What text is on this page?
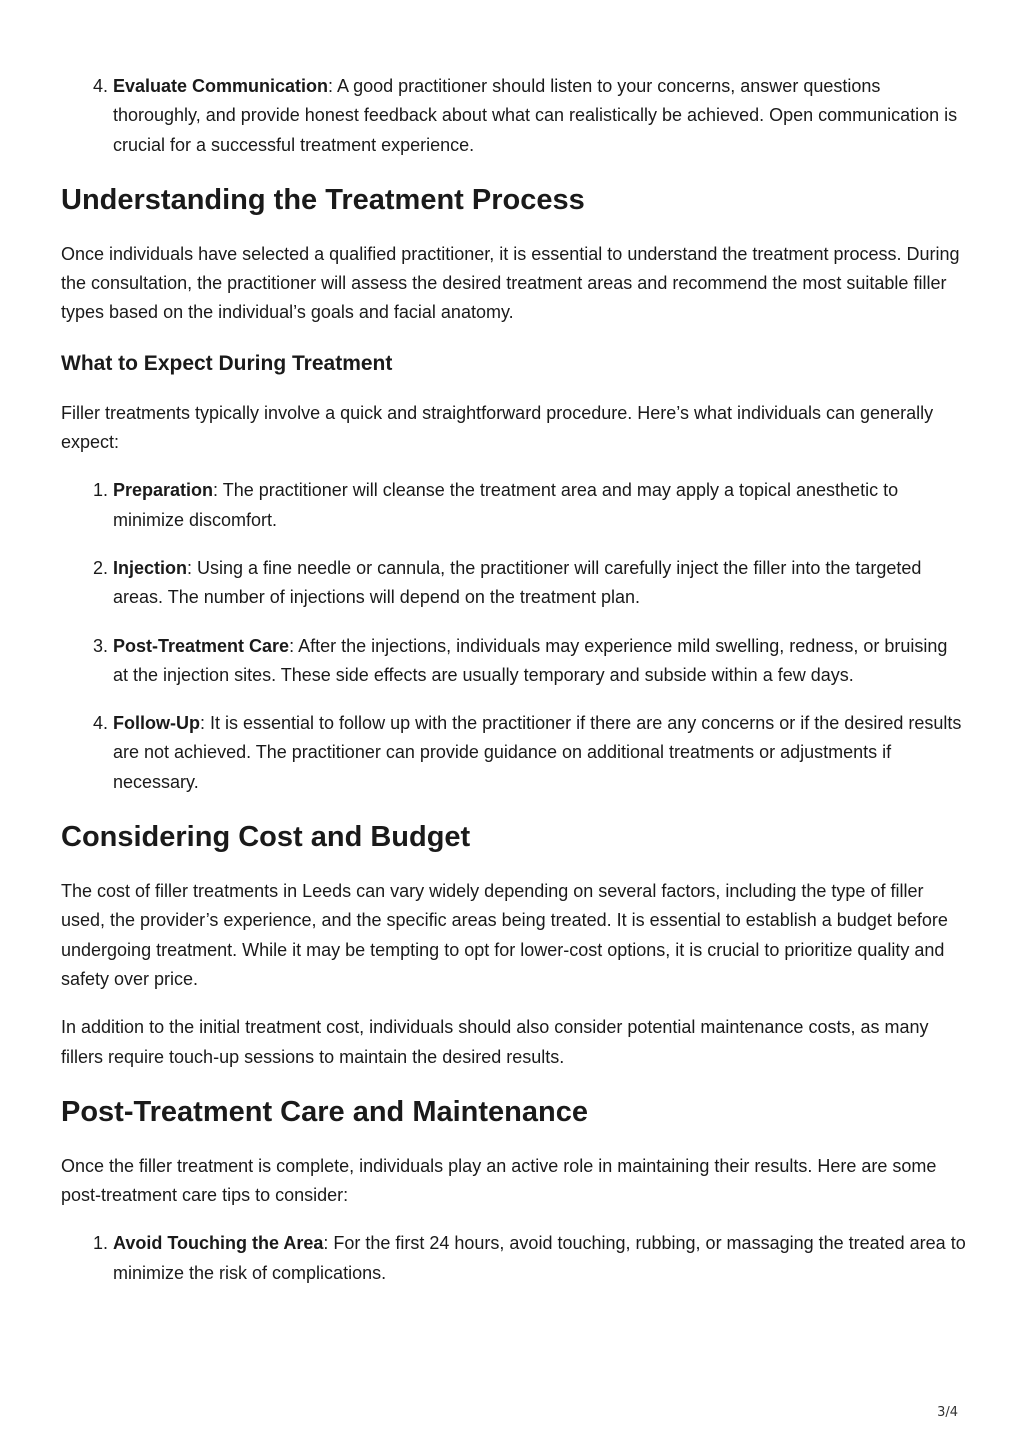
4. Evaluate Communication: A good practitioner should listen to your concerns, answer questions thoroughly, and provide honest feedback about what can realistically be achieved. Open communication is crucial for a successful treatment experience.
Understanding the Treatment Process

Once individuals have selected a qualified practitioner, it is essential to understand the treatment process. During the consultation, the practitioner will assess the desired treatment areas and recommend the most suitable filler types based on the individual’s goals and facial anatomy.

What to Expect During Treatment

Filler treatments typically involve a quick and straightforward procedure. Here’s what individuals can generally expect:

1. Preparation: The practitioner will cleanse the treatment area and may apply a topical anesthetic to minimize discomfort.
2. Injection: Using a fine needle or cannula, the practitioner will carefully inject the filler into the targeted areas. The number of injections will depend on the treatment plan.
3. Post-Treatment Care: After the injections, individuals may experience mild swelling, redness, or bruising at the injection sites. These side effects are usually temporary and subside within a few days.
4. Follow-Up: It is essential to follow up with the practitioner if there are any concerns or if the desired results are not achieved. The practitioner can provide guidance on additional treatments or adjustments if necessary.
Considering Cost and Budget

The cost of filler treatments in Leeds can vary widely depending on several factors, including the type of filler used, the provider’s experience, and the specific areas being treated. It is essential to establish a budget before undergoing treatment. While it may be tempting to opt for lower-cost options, it is crucial to prioritize quality and safety over price.

In addition to the initial treatment cost, individuals should also consider potential maintenance costs, as many fillers require touch-up sessions to maintain the desired results.

Post-Treatment Care and Maintenance

Once the filler treatment is complete, individuals play an active role in maintaining their results. Here are some post-treatment care tips to consider:

1. Avoid Touching the Area: For the first 24 hours, avoid touching, rubbing, or massaging the treated area to minimize the risk of complications.
3/4
